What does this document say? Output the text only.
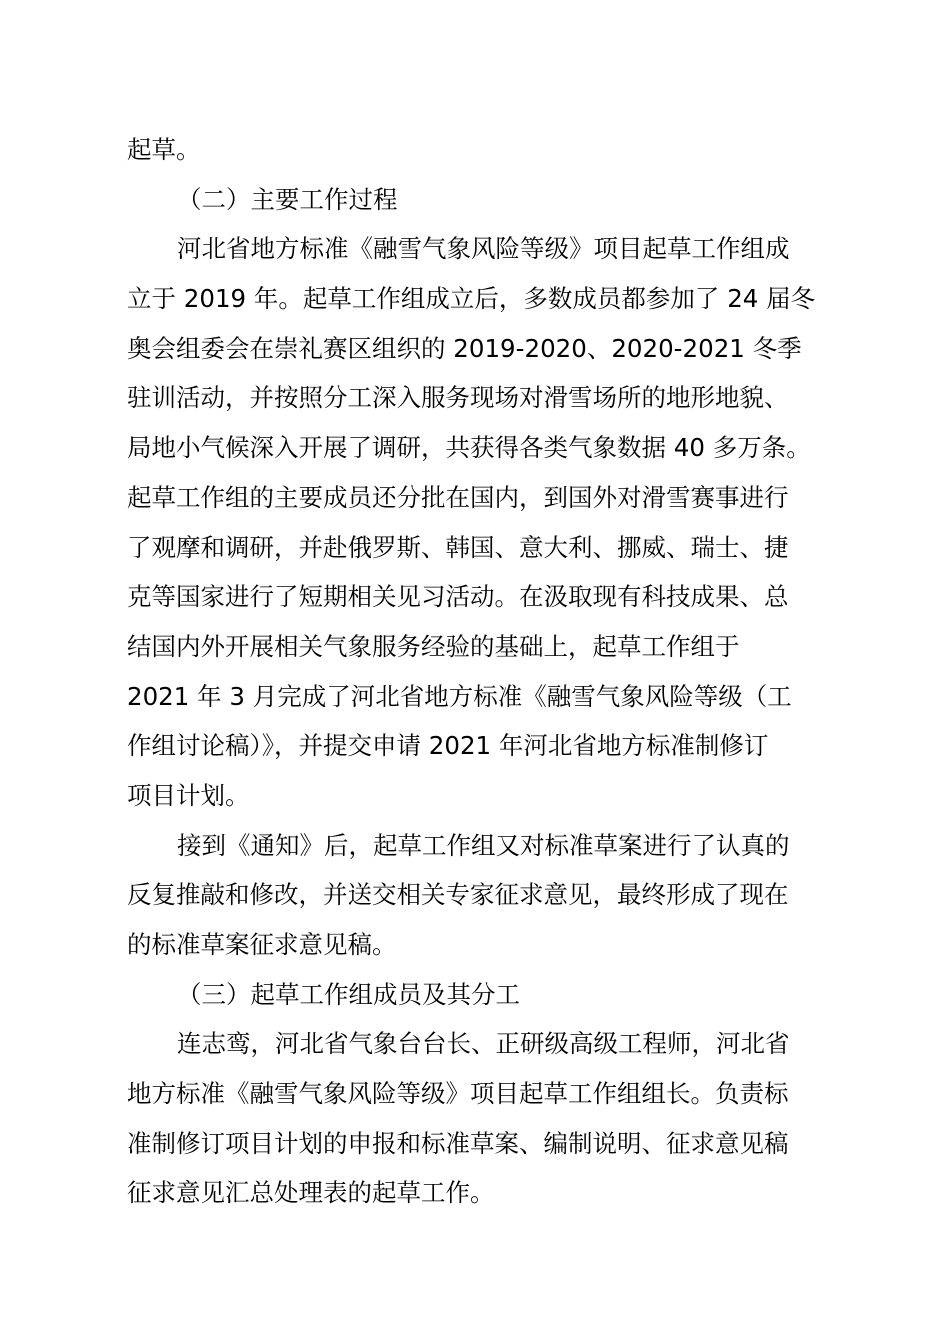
起草。
（二）主要工作过程
河北省地方标准《融雪气象风险等级》项目起草工作组成
立于 2019 年。起草工作组成立后，多数成员都参加了 24 届冬
奥会组委会在崇礼赛区组织的 2019-2020、2020-2021 冬季
驻训活动，并按照分工深入服务现场对滑雪场所的地形地貌、
局地小气候深入开展了调研，共获得各类气象数据 40 多万条。
起草工作组的主要成员还分批在国内，到国外对滑雪赛事进行
了观摩和调研，并赴俄罗斯、韩国、意大利、挪威、瑞士、捷
克等国家进行了短期相关见习活动。在汲取现有科技成果、总
结国内外开展相关气象服务经验的基础上，起草工作组于
2021 年 3 月完成了河北省地方标准《融雪气象风险等级（工
作组讨论稿）》，并提交申请 2021 年河北省地方标准制修订
项目计划。
接到《通知》后，起草工作组又对标准草案进行了认真的
反复推敲和修改，并送交相关专家征求意见，最终形成了现在
的标准草案征求意见稿。
（三）起草工作组成员及其分工
连志鸾，河北省气象台台长、正研级高级工程师，河北省
地方标准《融雪气象风险等级》项目起草工作组组长。负责标
准制修订项目计划的申报和标准草案、编制说明、征求意见稿
征求意见汇总处理表的起草工作。
